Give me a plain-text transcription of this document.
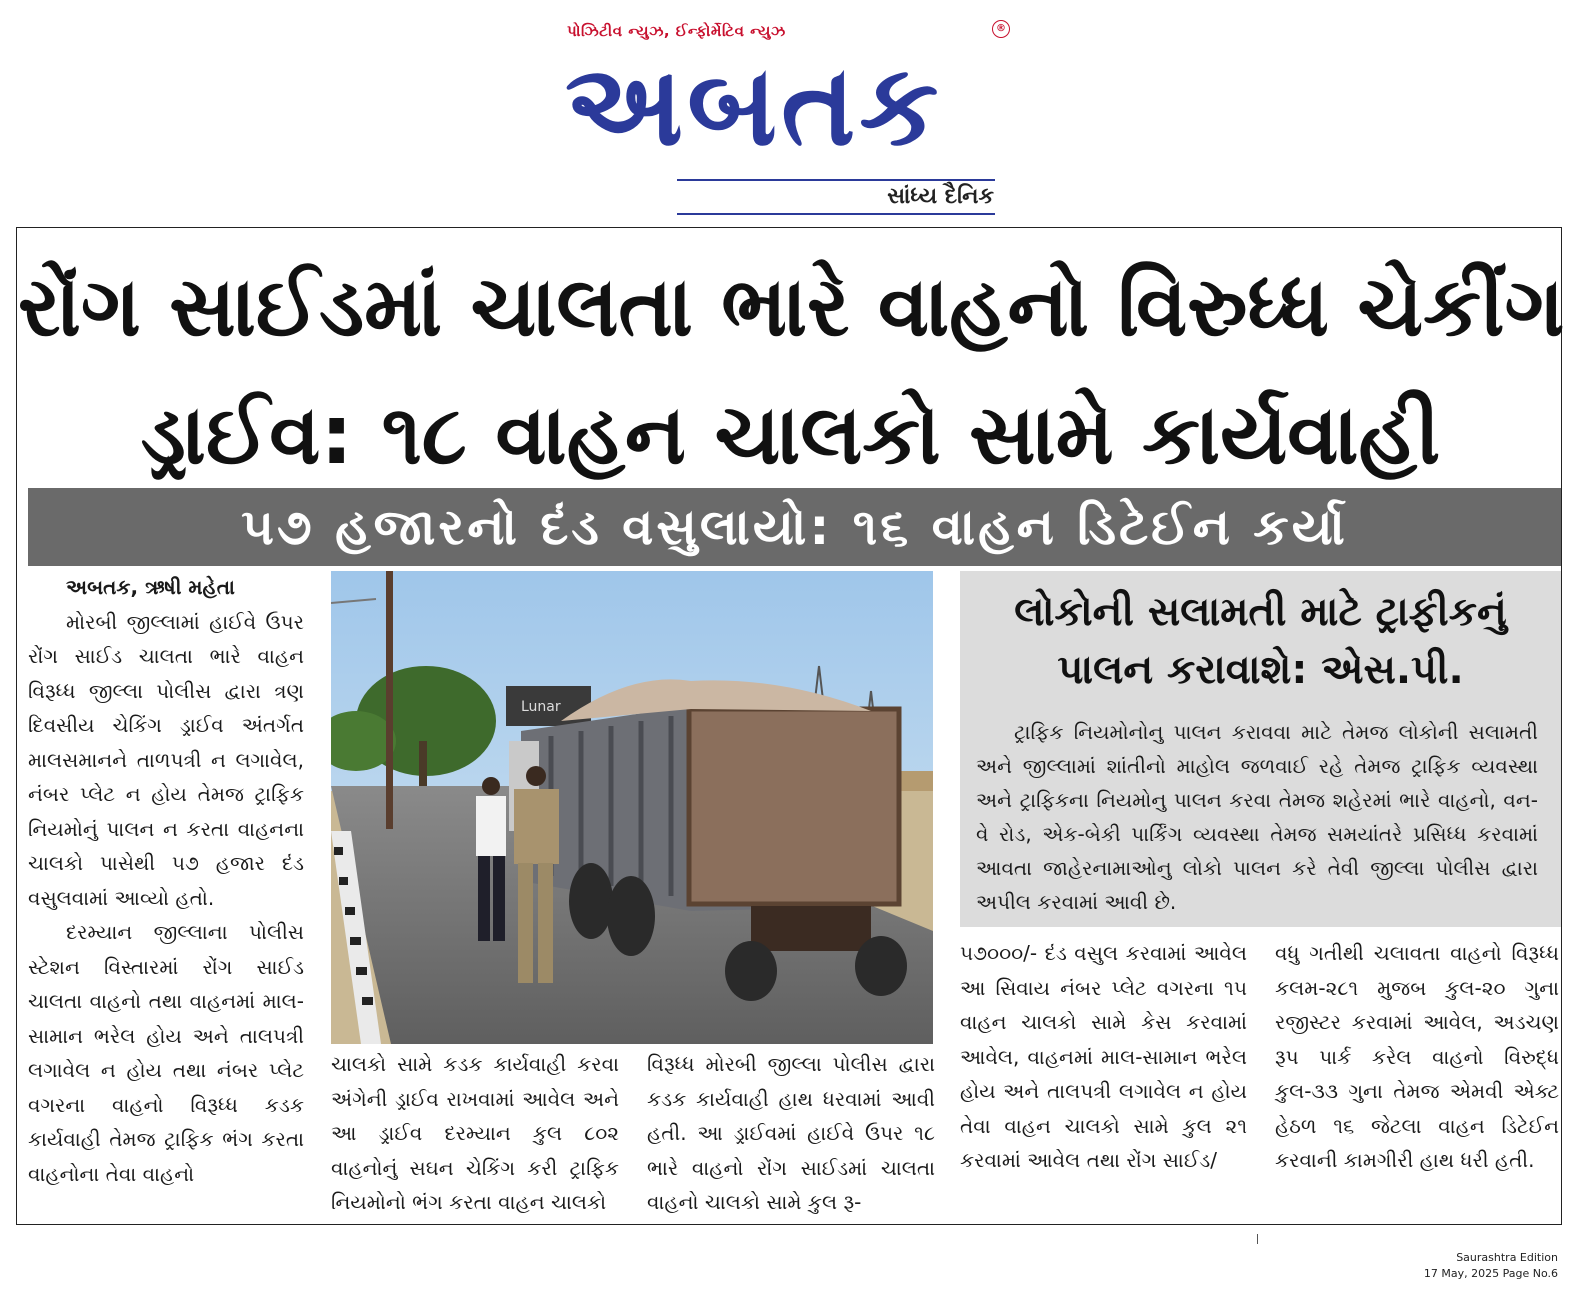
પોઝિટીવ ન્યુઝ, ઈન્ફોર્મેટિવ ન્યુઝ	®
અબતક
સાંધ્ય દૈનિક
રોંગ સાઈડમાં ચાલતા ભારે વાહનો વિરુધ્ધ ચેકીંગ
ડ્રાઈવ: ૧૮ વાહન ચાલકો સામે કાર્યવાહી
૫૭ હજારનો દંડ વસુલાયો: ૧૬ વાહન ડિટેઈન કર્યા

અબતક, ઋષી મહેતા

મોરબી જીલ્લામાં હાઈવે ઉપર રોંગ સાઈડ ચાલતા ભારે વાહન વિરૂધ્ધ જીલ્લા પોલીસ દ્વારા ત્રણ દિવસીય ચેકિંગ ડ્રાઈવ અંતર્ગત માલસમાનને તાળપત્રી ન લગાવેલ, નંબર પ્લેટ ન હોય તેમજ ટ્રાફિક નિયમોનું પાલન ન કરતા વાહનના ચાલકો પાસેથી ૫૭ હજાર દંડ વસુલવામાં આવ્યો હતો.

દરમ્યાન જીલ્લાના પોલીસ સ્ટેશન વિસ્તારમાં રોંગ સાઈડ ચાલતા વાહનો તથા વાહનમાં માલ-સામાન ભરેલ હોય અને તાલપત્રી લગાવેલ ન હોય તથા નંબર પ્લેટ વગરના વાહનો વિરૂધ્ધ કડક કાર્યવાહી તેમજ ટ્રાફિક ભંગ કરતા વાહનોના તેવા વાહનો

Lunar

ચાલકો સામે કડક કાર્યવાહી કરવા અંગેની ડ્રાઈવ રાખવામાં આવેલ અને આ ડ્રાઈવ દરમ્યાન કુલ ૮૦૨ વાહનોનું સઘન ચેકિંગ કરી ટ્રાફિક નિયમોનો ભંગ કરતા વાહન ચાલકો

વિરૂધ્ધ મોરબી જીલ્લા પોલીસ દ્વારા કડક કાર્યવાહી હાથ ધરવામાં આવી હતી. આ ડ્રાઈવમાં હાઈવે ઉપર ૧૮ ભારે વાહનો રોંગ સાઈડમાં ચાલતા વાહનો ચાલકો સામે કુલ રૂ-

લોકોની સલામતી માટે ટ્રાફીકનું
પાલન કરાવાશે: એસ.પી.

ટ્રાફિક નિયમોનોનુ પાલન કરાવવા માટે તેમજ લોકોની સલામતી અને જીલ્લામાં શાંતીનો માહોલ જળવાઈ રહે તેમજ ટ્રાફિક વ્યવસ્થા અને ટ્રાફિકના નિયમોનુ પાલન કરવા તેમજ શહેરમાં ભારે વાહનો, વન-વે રોડ, એક-બેકી પાર્કિંગ વ્યવસ્થા તેમજ સમયાંતરે પ્રસિધ્ધ કરવામાં આવતા જાહેરનામાઓનુ લોકો પાલન કરે તેવી જીલ્લા પોલીસ દ્વારા અપીલ કરવામાં આવી છે.

૫૭૦૦૦/- દંડ વસુલ કરવામાં આવેલ આ સિવાય નંબર પ્લેટ વગરના ૧૫ વાહન ચાલકો સામે કેસ કરવામાં આવેલ, વાહનમાં માલ-સામાન ભરેલ હોય અને તાલપત્રી લગાવેલ ન હોય તેવા વાહન ચાલકો સામે કુલ ૨૧ કરવામાં આવેલ તથા રોંગ સાઈડ/

વધુ ગતીથી ચલાવતા વાહનો વિરૂધ્ધ કલમ-૨૮૧ મુજબ કુલ-૨૦ ગુના રજીસ્ટર કરવામાં આવેલ, અડચણ રૂપ પાર્ક કરેલ વાહનો વિરુદ્ધ કુલ-૩૩ ગુના તેમજ એમવી એક્ટ હેઠળ ૧૬ જેટલા વાહન ડિટેઈન કરવાની કામગીરી હાથ ધરી હતી.

Saurashtra Edition
17 May, 2025 Page No.6
